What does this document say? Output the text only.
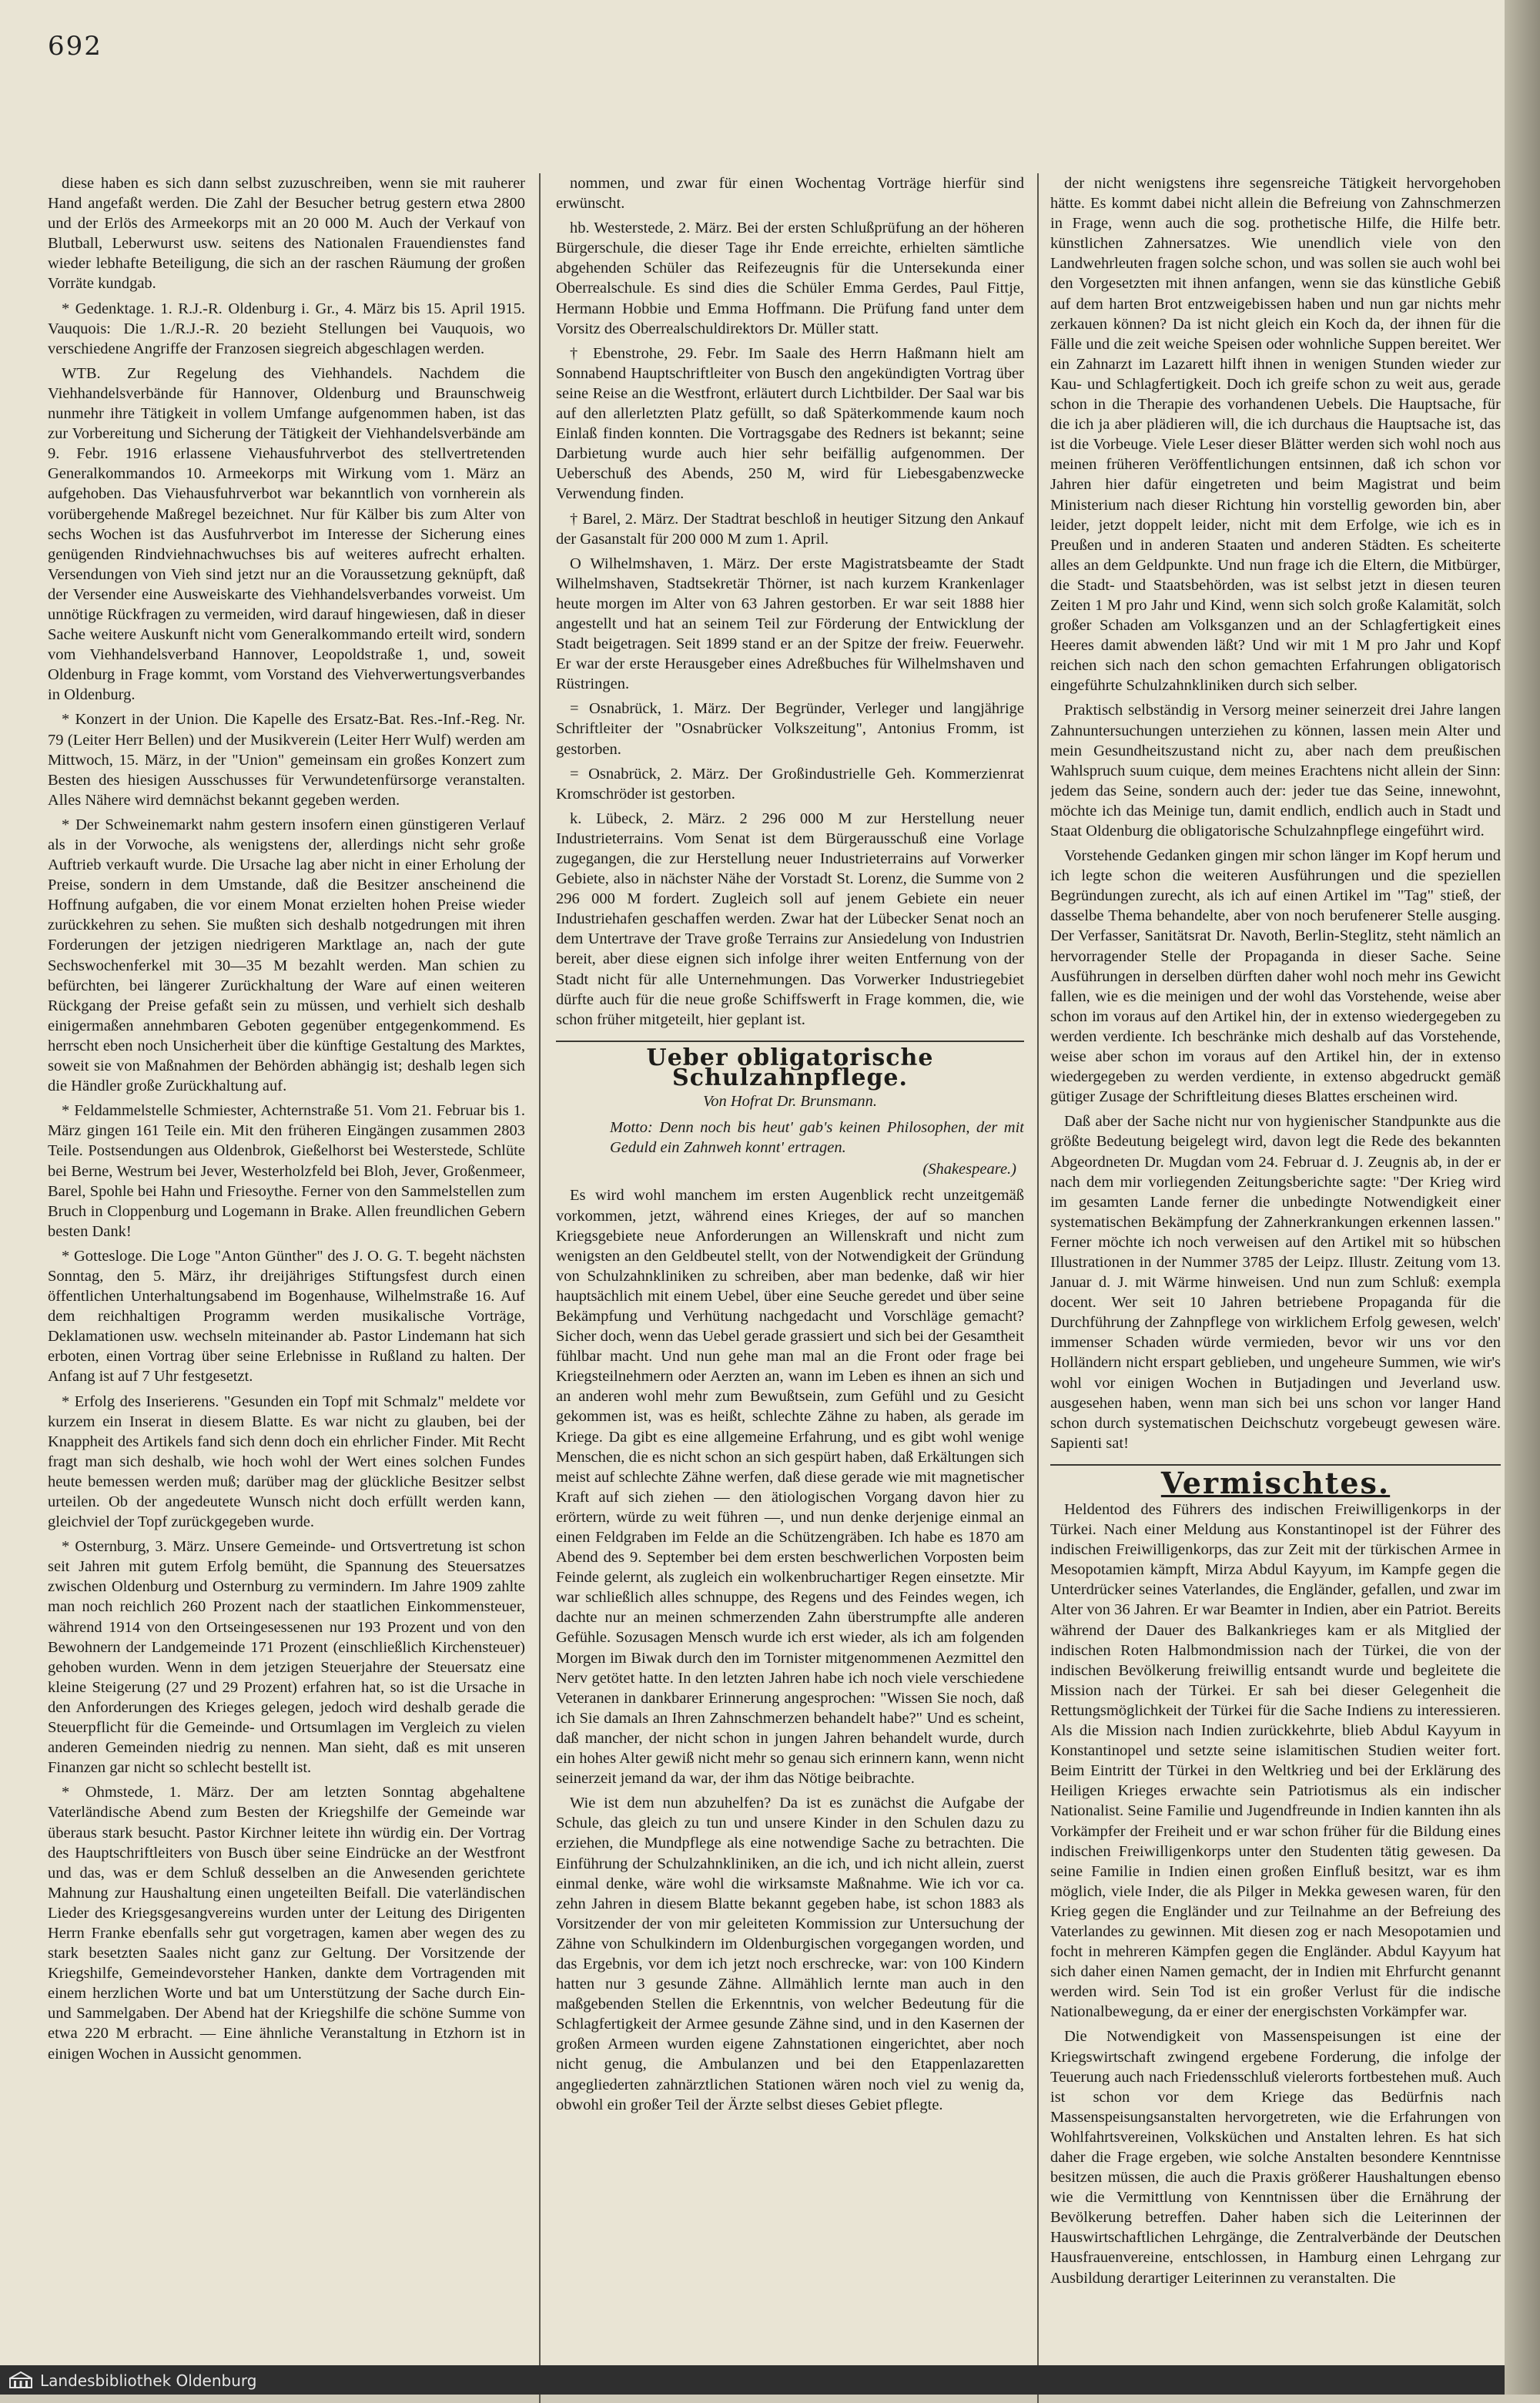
692

diese haben es sich dann selbst zuzuschreiben, wenn sie mit rauherer Hand angefaßt werden. Die Zahl der Besucher betrug gestern etwa 2800 und der Erlös des Armeekorps mit an 20 000 M. Auch der Verkauf von Blutball, Leberwurst usw. seitens des Nationalen Frauendienstes fand wieder lebhafte Beteiligung, die sich an der raschen Räumung der großen Vorräte kundgab.

* Gedenktage. 1. R.J.-R. Oldenburg i. Gr., 4. März bis 15. April 1915. Vauquois: Die 1./R.J.-R. 20 bezieht Stellungen bei Vauquois, wo verschiedene Angriffe der Franzosen siegreich abgeschlagen werden.

WTB. Zur Regelung des Viehhandels. Nachdem die Viehhandelsverbände für Hannover, Oldenburg und Braunschweig nunmehr ihre Tätigkeit in vollem Umfange aufgenommen haben, ist das zur Vorbereitung und Sicherung der Tätigkeit der Viehhandelsverbände am 9. Febr. 1916 erlassene Viehausfuhrverbot des stellvertretenden Generalkommandos 10. Armeekorps mit Wirkung vom 1. März an aufgehoben. Das Viehausfuhrverbot war bekanntlich von vornherein als vorübergehende Maßregel bezeichnet. Nur für Kälber bis zum Alter von sechs Wochen ist das Ausfuhrverbot im Interesse der Sicherung eines genügenden Rindviehnachwuchses bis auf weiteres aufrecht erhalten. Versendungen von Vieh sind jetzt nur an die Voraussetzung geknüpft, daß der Versender eine Ausweiskarte des Viehhandelsverbandes vorweist. Um unnötige Rückfragen zu vermeiden, wird darauf hingewiesen, daß in dieser Sache weitere Auskunft nicht vom Generalkommando erteilt wird, sondern vom Viehhandelsverband Hannover, Leopoldstraße 1, und, soweit Oldenburg in Frage kommt, vom Vorstand des Viehverwertungsverbandes in Oldenburg.

* Konzert in der Union. Die Kapelle des Ersatz-Bat. Res.-Inf.-Reg. Nr. 79 (Leiter Herr Bellen) und der Musikverein (Leiter Herr Wulf) werden am Mittwoch, 15. März, in der "Union" gemeinsam ein großes Konzert zum Besten des hiesigen Ausschusses für Verwundetenfürsorge veranstalten. Alles Nähere wird demnächst bekannt gegeben werden.

* Der Schweinemarkt nahm gestern insofern einen günstigeren Verlauf als in der Vorwoche, als wenigstens der, allerdings nicht sehr große Auftrieb verkauft wurde. Die Ursache lag aber nicht in einer Erholung der Preise, sondern in dem Umstande, daß die Besitzer anscheinend die Hoffnung aufgaben, die vor einem Monat erzielten hohen Preise wieder zurückkehren zu sehen. Sie mußten sich deshalb notgedrungen mit ihren Forderungen der jetzigen niedrigeren Marktlage an, nach der gute Sechswochenferkel mit 30—35 M bezahlt werden. Man schien zu befürchten, bei längerer Zurückhaltung der Ware auf einen weiteren Rückgang der Preise gefaßt sein zu müssen, und verhielt sich deshalb einigermaßen annehmbaren Geboten gegenüber entgegenkommend. Es herrscht eben noch Unsicherheit über die künftige Gestaltung des Marktes, soweit sie von Maßnahmen der Behörden abhängig ist; deshalb legen sich die Händler große Zurückhaltung auf.

* Feldammelstelle Schmiester, Achternstraße 51. Vom 21. Februar bis 1. März gingen 161 Teile ein. Mit den früheren Eingängen zusammen 2803 Teile. Postsendungen aus Oldenbrok, Gießelhorst bei Westerstede, Schlüte bei Berne, Westrum bei Jever, Westerholzfeld bei Bloh, Jever, Großenmeer, Barel, Spohle bei Hahn und Friesoythe. Ferner von den Sammelstellen zum Bruch in Cloppenburg und Logemann in Brake. Allen freundlichen Gebern besten Dank!

* Gottesloge. Die Loge "Anton Günther" des J. O. G. T. begeht nächsten Sonntag, den 5. März, ihr dreijähriges Stiftungsfest durch einen öffentlichen Unterhaltungsabend im Bogenhause, Wilhelmstraße 16. Auf dem reichhaltigen Programm werden musikalische Vorträge, Deklamationen usw. wechseln miteinander ab. Pastor Lindemann hat sich erboten, einen Vortrag über seine Erlebnisse in Rußland zu halten. Der Anfang ist auf 7 Uhr festgesetzt.

* Erfolg des Inserierens. "Gesunden ein Topf mit Schmalz" meldete vor kurzem ein Inserat in diesem Blatte. Es war nicht zu glauben, bei der Knappheit des Artikels fand sich denn doch ein ehrlicher Finder. Mit Recht fragt man sich deshalb, wie hoch wohl der Wert eines solchen Fundes heute bemessen werden muß; darüber mag der glückliche Besitzer selbst urteilen. Ob der angedeutete Wunsch nicht doch erfüllt werden kann, gleichviel der Topf zurückgegeben wurde.

* Osternburg, 3. März. Unsere Gemeinde- und Ortsvertretung ist schon seit Jahren mit gutem Erfolg bemüht, die Spannung des Steuersatzes zwischen Oldenburg und Osternburg zu vermindern. Im Jahre 1909 zahlte man noch reichlich 260 Prozent nach der staatlichen Einkommensteuer, während 1914 von den Ortseingesessenen nur 193 Prozent und von den Bewohnern der Landgemeinde 171 Prozent (einschließlich Kirchensteuer) gehoben wurden. Wenn in dem jetzigen Steuerjahre der Steuersatz eine kleine Steigerung (27 und 29 Prozent) erfahren hat, so ist die Ursache in den Anforderungen des Krieges gelegen, jedoch wird deshalb gerade die Steuerpflicht für die Gemeinde- und Ortsumlagen im Vergleich zu vielen anderen Gemeinden niedrig zu nennen. Man sieht, daß es mit unseren Finanzen gar nicht so schlecht bestellt ist.

* Ohmstede, 1. März. Der am letzten Sonntag abgehaltene Vaterländische Abend zum Besten der Kriegshilfe der Gemeinde war überaus stark besucht. Pastor Kirchner leitete ihn würdig ein. Der Vortrag des Hauptschriftleiters von Busch über seine Eindrücke an der Westfront und das, was er dem Schluß desselben an die Anwesenden gerichtete Mahnung zur Haushaltung einen ungeteilten Beifall. Die vaterländischen Lieder des Kriegsgesangvereins wurden unter der Leitung des Dirigenten Herrn Franke ebenfalls sehr gut vorgetragen, kamen aber wegen des zu stark besetzten Saales nicht ganz zur Geltung. Der Vorsitzende der Kriegshilfe, Gemeindevorsteher Hanken, dankte dem Vortragenden mit einem herzlichen Worte und bat um Unterstützung der Sache durch Ein- und Sammelgaben. Der Abend hat der Kriegshilfe die schöne Summe von etwa 220 M erbracht. — Eine ähnliche Veranstaltung in Etzhorn ist in einigen Wochen in Aussicht genommen.

nommen, und zwar für einen Wochentag Vorträge hierfür sind erwünscht.

hb. Westerstede, 2. März. Bei der ersten Schlußprüfung an der höheren Bürgerschule, die dieser Tage ihr Ende erreichte, erhielten sämtliche abgehenden Schüler das Reifezeugnis für die Untersekunda einer Oberrealschule. Es sind dies die Schüler Emma Gerdes, Paul Fittje, Hermann Hobbie und Emma Hoffmann. Die Prüfung fand unter dem Vorsitz des Oberrealschuldirektors Dr. Müller statt.

† Ebenstrohe, 29. Febr. Im Saale des Herrn Haßmann hielt am Sonnabend Hauptschriftleiter von Busch den angekündigten Vortrag über seine Reise an die Westfront, erläutert durch Lichtbilder. Der Saal war bis auf den allerletzten Platz gefüllt, so daß Späterkommende kaum noch Einlaß finden konnten. Die Vortragsgabe des Redners ist bekannt; seine Darbietung wurde auch hier sehr beifällig aufgenommen. Der Ueberschuß des Abends, 250 M, wird für Liebesgabenzwecke Verwendung finden.

† Barel, 2. März. Der Stadtrat beschloß in heutiger Sitzung den Ankauf der Gasanstalt für 200 000 M zum 1. April.

O Wilhelmshaven, 1. März. Der erste Magistratsbeamte der Stadt Wilhelmshaven, Stadtsekretär Thörner, ist nach kurzem Krankenlager heute morgen im Alter von 63 Jahren gestorben. Er war seit 1888 hier angestellt und hat an seinem Teil zur Förderung der Entwicklung der Stadt beigetragen. Seit 1899 stand er an der Spitze der freiw. Feuerwehr. Er war der erste Herausgeber eines Adreßbuches für Wilhelmshaven und Rüstringen.

= Osnabrück, 1. März. Der Begründer, Verleger und langjährige Schriftleiter der "Osnabrücker Volkszeitung", Antonius Fromm, ist gestorben.

= Osnabrück, 2. März. Der Großindustrielle Geh. Kommerzienrat Kromschröder ist gestorben.

k. Lübeck, 2. März. 2 296 000 M zur Herstellung neuer Industrieterrains. Vom Senat ist dem Bürgerausschuß eine Vorlage zugegangen, die zur Herstellung neuer Industrieterrains auf Vorwerker Gebiete, also in nächster Nähe der Vorstadt St. Lorenz, die Summe von 2 296 000 M fordert. Zugleich soll auf jenem Gebiete ein neuer Industriehafen geschaffen werden. Zwar hat der Lübecker Senat noch an dem Untertrave der Trave große Terrains zur Ansiedelung von Industrien bereit, aber diese eignen sich infolge ihrer weiten Entfernung von der Stadt nicht für alle Unternehmungen. Das Vorwerker Industriegebiet dürfte auch für die neue große Schiffswerft in Frage kommen, die, wie schon früher mitgeteilt, hier geplant ist.

Ueber obligatorische Schulzahnpflege.
Von Hofrat Dr. Brunsmann.
Motto: Denn noch bis heut' gab's keinen Philosophen, der mit Geduld ein Zahnweh konnt' ertragen.
(Shakespeare.)

Es wird wohl manchem im ersten Augenblick recht unzeitgemäß vorkommen, jetzt, während eines Krieges, der auf so manchen Kriegsgebiete neue Anforderungen an Willenskraft und nicht zum wenigsten an den Geldbeutel stellt, von der Notwendigkeit der Gründung von Schulzahnkliniken zu schreiben, aber man bedenke, daß wir hier hauptsächlich mit einem Uebel, über eine Seuche geredet und über seine Bekämpfung und Verhütung nachgedacht und Vorschläge gemacht? Sicher doch, wenn das Uebel gerade grassiert und sich bei der Gesamtheit fühlbar macht. Und nun gehe man mal an die Front oder frage bei Kriegsteilnehmern oder Aerzten an, wann im Leben es ihnen an sich und an anderen wohl mehr zum Bewußtsein, zum Gefühl und zu Gesicht gekommen ist, was es heißt, schlechte Zähne zu haben, als gerade im Kriege. Da gibt es eine allgemeine Erfahrung, und es gibt wohl wenige Menschen, die es nicht schon an sich gespürt haben, daß Erkältungen sich meist auf schlechte Zähne werfen, daß diese gerade wie mit magnetischer Kraft auf sich ziehen — den ätiologischen Vorgang davon hier zu erörtern, würde zu weit führen —, und nun denke derjenige einmal an einen Feldgraben im Felde an die Schützengräben. Ich habe es 1870 am Abend des 9. September bei dem ersten beschwerlichen Vorposten beim Feinde gelernt, als zugleich ein wolkenbruchartiger Regen einsetzte. Mir war schließlich alles schnuppe, des Regens und des Feindes wegen, ich dachte nur an meinen schmerzenden Zahn überstrumpfte alle anderen Gefühle. Sozusagen Mensch wurde ich erst wieder, als ich am folgenden Morgen im Biwak durch den im Tornister mitgenommenen Aezmittel den Nerv getötet hatte. In den letzten Jahren habe ich noch viele verschiedene Veteranen in dankbarer Erinnerung angesprochen: "Wissen Sie noch, daß ich Sie damals an Ihren Zahnschmerzen behandelt habe?" Und es scheint, daß mancher, der nicht schon in jungen Jahren behandelt wurde, durch ein hohes Alter gewiß nicht mehr so genau sich erinnern kann, wenn nicht seinerzeit jemand da war, der ihm das Nötige beibrachte.

Wie ist dem nun abzuhelfen? Da ist es zunächst die Aufgabe der Schule, das gleich zu tun und unsere Kinder in den Schulen dazu zu erziehen, die Mundpflege als eine notwendige Sache zu betrachten. Die Einführung der Schulzahnkliniken, an die ich, und ich nicht allein, zuerst einmal denke, wäre wohl die wirksamste Maßnahme. Wie ich vor ca. zehn Jahren in diesem Blatte bekannt gegeben habe, ist schon 1883 als Vorsitzender der von mir geleiteten Kommission zur Untersuchung der Zähne von Schulkindern im Oldenburgischen vorgegangen worden, und das Ergebnis, vor dem ich jetzt noch erschrecke, war: von 100 Kindern hatten nur 3 gesunde Zähne. Allmählich lernte man auch in den maßgebenden Stellen die Erkenntnis, von welcher Bedeutung für die Schlagfertigkeit der Armee gesunde Zähne sind, und in den Kasernen der großen Armeen wurden eigene Zahnstationen eingerichtet, aber noch nicht genug, die Ambulanzen und bei den Etappenlazaretten angegliederten zahnärztlichen Stationen wären noch viel zu wenig da, obwohl ein großer Teil der Ärzte selbst dieses Gebiet pflegte.

der nicht wenigstens ihre segensreiche Tätigkeit hervorgehoben hätte. Es kommt dabei nicht allein die Befreiung von Zahnschmerzen in Frage, wenn auch die sog. prothetische Hilfe, die Hilfe betr. künstlichen Zahnersatzes. Wie unendlich viele von den Landwehrleuten fragen solche schon, und was sollen sie auch wohl bei den Vorgesetzten mit ihnen anfangen, wenn sie das künstliche Gebiß auf dem harten Brot entzweigebissen haben und nun gar nichts mehr zerkauen können? Da ist nicht gleich ein Koch da, der ihnen für die Fälle und die zeit weiche Speisen oder wohnliche Suppen bereitet. Wer ein Zahnarzt im Lazarett hilft ihnen in wenigen Stunden wieder zur Kau- und Schlagfertigkeit. Doch ich greife schon zu weit aus, gerade schon in die Therapie des vorhandenen Uebels. Die Hauptsache, für die ich ja aber plädieren will, die ich durchaus die Hauptsache ist, das ist die Vorbeuge. Viele Leser dieser Blätter werden sich wohl noch aus meinen früheren Veröffentlichungen entsinnen, daß ich schon vor Jahren hier dafür eingetreten und beim Magistrat und beim Ministerium nach dieser Richtung hin vorstellig geworden bin, aber leider, jetzt doppelt leider, nicht mit dem Erfolge, wie ich es in Preußen und in anderen Staaten und anderen Städten. Es scheiterte alles an dem Geldpunkte. Und nun frage ich die Eltern, die Mitbürger, die Stadt- und Staatsbehörden, was ist selbst jetzt in diesen teuren Zeiten 1 M pro Jahr und Kind, wenn sich solch große Kalamität, solch großer Schaden am Volksganzen und an der Schlagfertigkeit eines Heeres damit abwenden läßt? Und wir mit 1 M pro Jahr und Kopf reichen sich nach den schon gemachten Erfahrungen obligatorisch eingeführte Schulzahnkliniken durch sich selber.

Praktisch selbständig in Versorg meiner seinerzeit drei Jahre langen Zahnuntersuchungen unterziehen zu können, lassen mein Alter und mein Gesundheitszustand nicht zu, aber nach dem preußischen Wahlspruch suum cuique, dem meines Erachtens nicht allein der Sinn: jedem das Seine, sondern auch der: jeder tue das Seine, innewohnt, möchte ich das Meinige tun, damit endlich, endlich auch in Stadt und Staat Oldenburg die obligatorische Schulzahnpflege eingeführt wird.

Vorstehende Gedanken gingen mir schon länger im Kopf herum und ich legte schon die weiteren Ausführungen und die speziellen Begründungen zurecht, als ich auf einen Artikel im "Tag" stieß, der dasselbe Thema behandelte, aber von noch berufenerer Stelle ausging. Der Verfasser, Sanitätsrat Dr. Navoth, Berlin-Steglitz, steht nämlich an hervorragender Stelle der Propaganda in dieser Sache. Seine Ausführungen in derselben dürften daher wohl noch mehr ins Gewicht fallen, wie es die meinigen und der wohl das Vorstehende, weise aber schon im voraus auf den Artikel hin, der in extenso wiedergegeben zu werden verdiente. Ich beschränke mich deshalb auf das Vorstehende, weise aber schon im voraus auf den Artikel hin, der in extenso wiedergegeben zu werden verdiente, in extenso abgedruckt gemäß gütiger Zusage der Schriftleitung dieses Blattes erscheinen wird.

Daß aber der Sache nicht nur von hygienischer Standpunkte aus die größte Bedeutung beigelegt wird, davon legt die Rede des bekannten Abgeordneten Dr. Mugdan vom 24. Februar d. J. Zeugnis ab, in der er nach dem mir vorliegenden Zeitungsberichte sagte: "Der Krieg wird im gesamten Lande ferner die unbedingte Notwendigkeit einer systematischen Bekämpfung der Zahnerkrankungen erkennen lassen." Ferner möchte ich noch verweisen auf den Artikel mit so hübschen Illustrationen in der Nummer 3785 der Leipz. Illustr. Zeitung vom 13. Januar d. J. mit Wärme hinweisen. Und nun zum Schluß: exempla docent. Wer seit 10 Jahren betriebene Propaganda für die Durchführung der Zahnpflege von wirklichem Erfolg gewesen, welch' immenser Schaden würde vermieden, bevor wir uns vor den Holländern nicht erspart geblieben, und ungeheure Summen, wie wir's wohl vor einigen Wochen in Butjadingen und Jeverland usw. ausgesehen haben, wenn man sich bei uns schon vor langer Hand schon durch systematischen Deichschutz vorgebeugt gewesen wäre. Sapienti sat!

Vermischtes.

Heldentod des Führers des indischen Freiwilligenkorps in der Türkei. Nach einer Meldung aus Konstantinopel ist der Führer des indischen Freiwilligenkorps, das zur Zeit mit der türkischen Armee in Mesopotamien kämpft, Mirza Abdul Kayyum, im Kampfe gegen die Unterdrücker seines Vaterlandes, die Engländer, gefallen, und zwar im Alter von 36 Jahren. Er war Beamter in Indien, aber ein Patriot. Bereits während der Dauer des Balkankrieges kam er als Mitglied der indischen Roten Halbmondmission nach der Türkei, die von der indischen Bevölkerung freiwillig entsandt wurde und begleitete die Mission nach der Türkei. Er sah bei dieser Gelegenheit die Rettungsmöglichkeit der Türkei für die Sache Indiens zu interessieren. Als die Mission nach Indien zurückkehrte, blieb Abdul Kayyum in Konstantinopel und setzte seine islamitischen Studien weiter fort. Beim Eintritt der Türkei in den Weltkrieg und bei der Erklärung des Heiligen Krieges erwachte sein Patriotismus als ein indischer Nationalist. Seine Familie und Jugendfreunde in Indien kannten ihn als Vorkämpfer der Freiheit und er war schon früher für die Bildung eines indischen Freiwilligenkorps unter den Studenten tätig gewesen. Da seine Familie in Indien einen großen Einfluß besitzt, war es ihm möglich, viele Inder, die als Pilger in Mekka gewesen waren, für den Krieg gegen die Engländer und zur Teilnahme an der Befreiung des Vaterlandes zu gewinnen. Mit diesen zog er nach Mesopotamien und focht in mehreren Kämpfen gegen die Engländer. Abdul Kayyum hat sich daher einen Namen gemacht, der in Indien mit Ehrfurcht genannt werden wird. Sein Tod ist ein großer Verlust für die indische Nationalbewegung, da er einer der energischsten Vorkämpfer war.

Die Notwendigkeit von Massenspeisungen ist eine der Kriegswirtschaft zwingend ergebene Forderung, die infolge der Teuerung auch nach Friedensschluß vielerorts fortbestehen muß. Auch ist schon vor dem Kriege das Bedürfnis nach Massenspeisungsanstalten hervorgetreten, wie die Erfahrungen von Wohlfahrtsvereinen, Volksküchen und Anstalten lehren. Es hat sich daher die Frage ergeben, wie solche Anstalten besondere Kenntnisse besitzen müssen, die auch die Praxis größerer Haushaltungen ebenso wie die Vermittlung von Kenntnissen über die Ernährung der Bevölkerung betreffen. Daher haben sich die Leiterinnen der Hauswirtschaftlichen Lehrgänge, die Zentralverbände der Deutschen Hausfrauenvereine, entschlossen, in Hamburg einen Lehrgang zur Ausbildung derartiger Leiterinnen zu veranstalten. Die

Landesbibliothek Oldenburg
